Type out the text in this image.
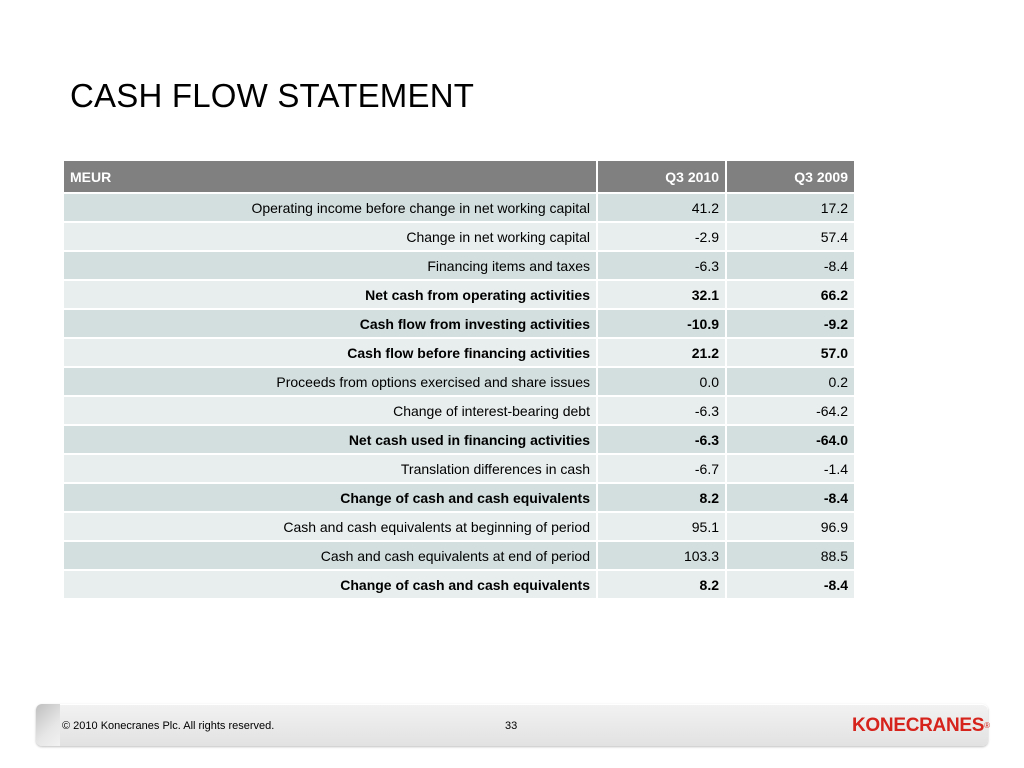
CASH FLOW STATEMENT
MEUR	Q3 2010	Q3 2009
Operating income before change in net working capital	41.2	17.2
Change in net working capital	-2.9	57.4
Financing items and taxes	-6.3	-8.4
Net cash from operating activities	32.1	66.2
Cash flow from investing activities	-10.9	-9.2
Cash flow before financing activities	21.2	57.0
Proceeds from options exercised and share issues	0.0	0.2
Change of interest-bearing debt	-6.3	-64.2
Net cash used in financing activities	-6.3	-64.0
Translation differences in cash	-6.7	-1.4
Change of cash and cash equivalents	8.2	-8.4
Cash and cash equivalents at beginning of period	95.1	96.9
Cash and cash equivalents at end of period	103.3	88.5
Change of cash and cash equivalents	8.2	-8.4
© 2010 Konecranes Plc. All rights reserved.	33	KONECRANES®
